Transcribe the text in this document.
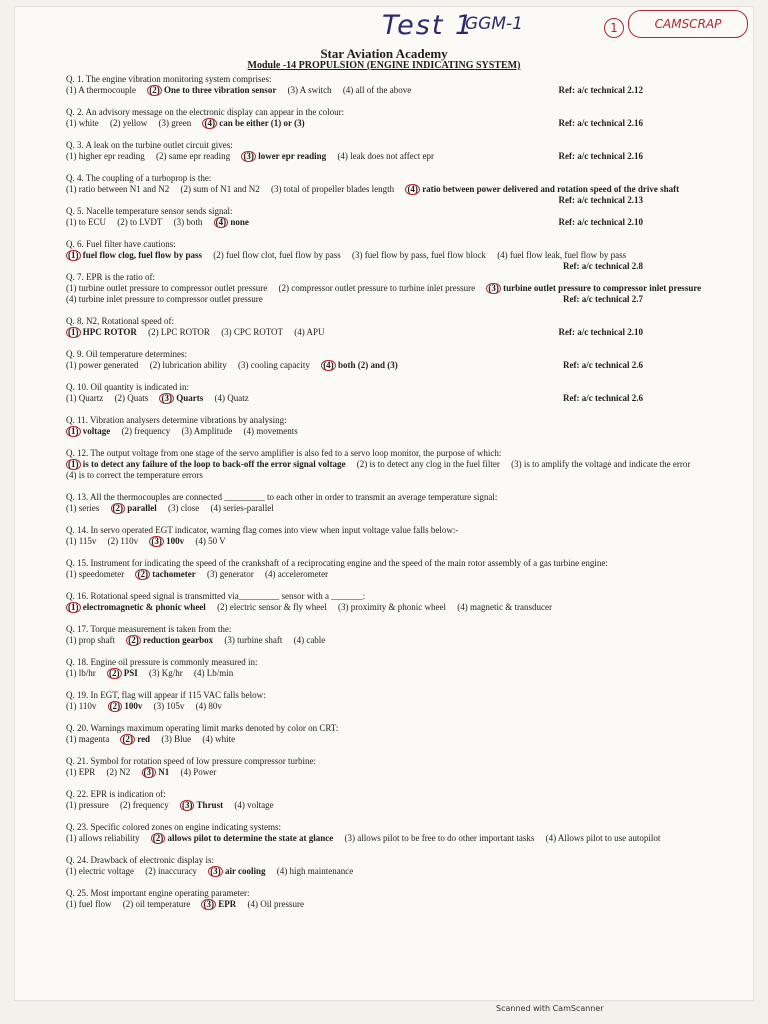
Test 1
GGM-1	1	CAMSCRAP
Star Aviation Academy
Module -14 PROPULSION (ENGINE INDICATING SYSTEM)
Q. 1. The engine vibration monitoring system comprises:
(1) A thermocouple (2) One to three vibration sensor (3) A switch (4) all of the above	Ref: a/c technical 2.12
Q. 2. An advisory message on the electronic display can appear in the colour:
(1) white (2) yellow (3) green (4) can be either (1) or (3)	Ref: a/c technical 2.16
Q. 3. A leak on the turbine outlet circuit gives:
(1) higher epr reading (2) same epr reading (3) lower epr reading (4) leak does not affect epr	Ref: a/c technical 2.16
Q. 4. The coupling of a turboprop is the:
(1) ratio between N1 and N2 (2) sum of N1 and N2 (3) total of propeller blades length (4) ratio between power delivered and rotation speed of the drive shaft
Ref: a/c technical 2.13
Q. 5. Nacelle temperature sensor sends signal:
(1) to ECU (2) to LVDT (3) both (4) none	Ref: a/c technical 2.10
Q. 6. Fuel filter have cautions:
(1) fuel flow clog, fuel flow by pass (2) fuel flow clot, fuel flow by pass (3) fuel flow by pass, fuel flow block (4) fuel flow leak, fuel flow by pass
Ref: a/c technical 2.8
Q. 7. EPR is the ratio of:
(1) turbine outlet pressure to compressor outlet pressure (2) compressor outlet pressure to turbine inlet pressure (3) turbine outlet pressure to compressor inlet pressure (4) turbine inlet pressure to compressor outlet pressure	Ref: a/c technical 2.7
Q. 8. N2, Rotational speed of:
(1) HPC ROTOR (2) LPC ROTOR (3) CPC ROTOT (4) APU	Ref: a/c technical 2.10
Q. 9. Oil temperature determines:
(1) power generated (2) lubrication ability (3) cooling capacity (4) both (2) and (3)	Ref: a/c technical 2.6
Q. 10. Oil quantity is indicated in:
(1) Quartz (2) Quats (3) Quarts (4) Quatz	Ref: a/c technical 2.6
Q. 11. Vibration analysers determine vibrations by analysing:
(1) voltage (2) frequency (3) Amplitude (4) movements
Q. 12. The output voltage from one stage of the servo amplifier is also fed to a servo loop monitor, the purpose of which:
(1) is to detect any failure of the loop to back-off the error signal voltage (2) is to detect any clog in the fuel filter (3) is to amplify the voltage and indicate the error (4) is to correct the temperature errors
Q. 13. All the thermocouples are connected _________ to each other in order to transmit an average temperature signal:
(1) series (2) parallel (3) close (4) series-parallel
Q. 14. In servo operated EGT indicator, warning flag comes into view when input voltage value falls below:-
(1) 115v (2) 110v (3) 100v (4) 50 V
Q. 15. Instrument for indicating the speed of the crankshaft of a reciprocating engine and the speed of the main rotor assembly of a gas turbine engine:
(1) speedometer (2) tachometer (3) generator (4) accelerometer
Q. 16. Rotational speed signal is transmitted via_________ sensor with a _______:
(1) electromagnetic & phonic wheel (2) electric sensor & fly wheel (3) proximity & phonic wheel (4) magnetic & transducer
Q. 17. Torque measurement is taken from the:
(1) prop shaft (2) reduction gearbox (3) turbine shaft (4) cable
Q. 18. Engine oil pressure is commonly measured in:
(1) lb/hr (2) PSI (3) Kg/hr (4) Lb/min
Q. 19. In EGT, flag will appear if 115 VAC falls below:
(1) 110v (2) 100v (3) 105v (4) 80v
Q. 20. Warnings maximum operating limit marks denoted by color on CRT:
(1) magenta (2) red (3) Blue (4) white
Q. 21. Symbol for rotation speed of low pressure compressor turbine:
(1) EPR (2) N2 (3) N1 (4) Power
Q. 22. EPR is indication of:
(1) pressure (2) frequency (3) Thrust (4) voltage
Q. 23. Specific colored zones on engine indicating systems:
(1) allows reliability (2) allows pilot to determine the state at glance (3) allows pilot to be free to do other important tasks (4) Allows pilot to use autopilot
Q. 24. Drawback of electronic display is:
(1) electric voltage (2) inaccuracy (3) air cooling (4) high maintenance
Q. 25. Most important engine operating parameter:
(1) fuel flow (2) oil temperature (3) EPR (4) Oil pressure
Scanned with CamScanner
